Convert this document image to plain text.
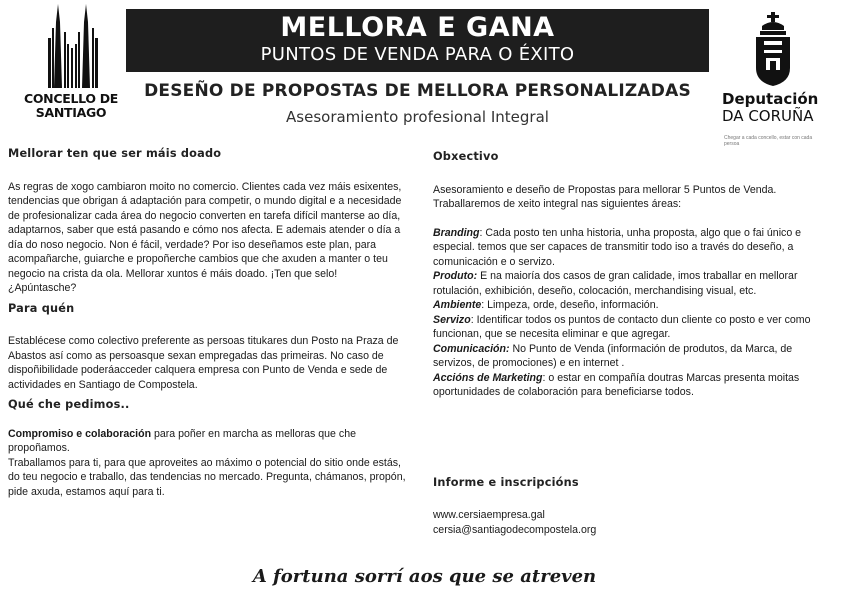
CONCELLO DE
SANTIAGO
MELLORA E GANA
PUNTOS DE VENDA PARA O ÉXITO
DESEÑO DE PROPOSTAS DE MELLORA PERSONALIZADAS
Asesoramiento profesional Integral
Deputación
DA CORUÑA
Chegar a cada concello, estar con cada persoa

Mellorar ten que ser máis doado

As regras de xogo cambiaron moito no comercio. Clientes cada vez máis esixentes, tendencias que obrigan á adaptación para competir, o mundo digital e a necesidade de profesionalizar cada área do negocio converten en tarefa difícil manterse ao día, adaptarnos, saber que está pasando e cómo nos afecta. E ademais atender o día a día do noso negocio. Non é fácil, verdade? Por iso deseñamos este plan, para acompañarche, guiarche e propoñerche cambios que che axuden a manter o teu negocio na crista da ola. Mellorar xuntos é máis doado. ¡Ten que selo!

¿Apúntasche?

Para quén

Establécese como colectivo preferente as persoas titukares dun Posto na Praza de Abastos así como as persoasque sexan empregadas das primeiras. No caso de dispoñibilidade poderáacceder calquera empresa con Punto de Venda e sede de actividades en Santiago de Compostela.

Qué che pedimos..

Compromiso e colaboración para poñer en marcha as melloras que che propoñamos.

Traballamos para ti, para que aproveites ao máximo o potencial do sitio onde estás, do teu negocio e traballo, das tendencias no mercado. Pregunta, chámanos, propón, pide axuda, estamos aquí para ti.

Obxectivo

Asesoramiento e deseño de Propostas para mellorar 5 Puntos de Venda. Traballaremos de xeito integral nas siguientes áreas:

Branding: Cada posto ten unha historia, unha proposta, algo que o fai único e especial. temos que ser capaces de transmitir todo iso a través do deseño, a comunicación e o servizo.

Produto: E na maioría dos casos de gran calidade, imos traballar en mellorar rotulación, exhibición, deseño, colocación, merchandising visual, etc.

Ambiente: Limpeza, orde, deseño, información.

Servizo: Identificar todos os puntos de contacto dun cliente co posto e ver como funcionan, que se necesita eliminar e que agregar.

Comunicación: No Punto de Venda (información de produtos, da Marca, de servizos, de promociones) e en internet .

Accións de Marketing: o estar en compañía doutras Marcas presenta moitas oportunidades de colaboración para beneficiarse todos.

Informe e inscripcións

www.cersiaempresa.gal

cersia@santiagodecompostela.org

A fortuna sorrí aos que se atreven
